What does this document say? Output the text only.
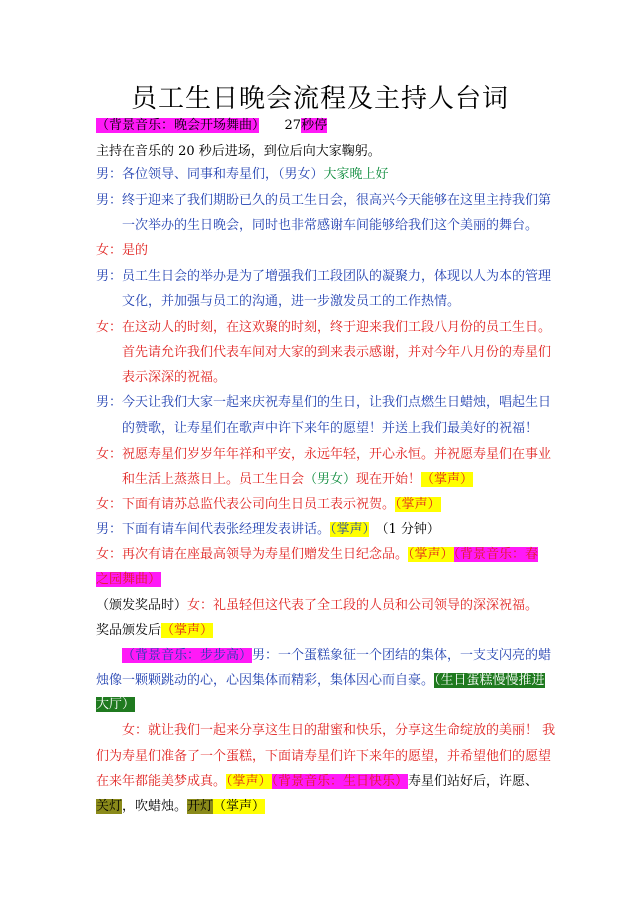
员工生日晚会流程及主持人台词
（背景音乐：晚会开场舞曲）　　 27秒停
主持在音乐的 20 秒后进场，到位后向大家鞠躬。
男：各位领导、同事和寿星们，（男女）大家晚上好
男：终于迎来了我们期盼已久的员工生日会，很高兴今天能够在这里主持我们第
　　一次举办的生日晚会，同时也非常感谢车间能够给我们这个美丽的舞台。
女：是的
男：员工生日会的举办是为了增强我们工段团队的凝聚力，体现以人为本的管理
　　文化，并加强与员工的沟通，进一步激发员工的工作热情。
女：在这动人的时刻，在这欢聚的时刻，终于迎来我们工段八月份的员工生日。
　　首先请允许我们代表车间对大家的到来表示感谢，并对今年八月份的寿星们
　　表示深深的祝福。
男：今天让我们大家一起来庆祝寿星们的生日，让我们点燃生日蜡烛，唱起生日
　　的赞歌，让寿星们在歌声中许下来年的愿望！并送上我们最美好的祝福！
女：祝愿寿星们岁岁年年祥和平安，永远年轻，开心永恒。并祝愿寿星们在事业
　　和生活上蒸蒸日上。员工生日会（男女）现在开始！（掌声）
女：下面有请苏总监代表公司向生日员工表示祝贺。（掌声）
男：下面有请车间代表张经理发表讲话。（掌声）　（1 分钟）
女：再次有请在座最高领导为寿星们赠发生日纪念品。（掌声）（背景音乐：春
之园舞曲）
（颁发奖品时）女：礼虽轻但这代表了全工段的人员和公司领导的深深祝福。
奖品颁发后（掌声）
（背景音乐：步步高）男：一个蛋糕象征一个团结的集体，一支支闪亮的蜡
烛像一颗颗跳动的心，心因集体而精彩，集体因心而自豪。（生日蛋糕慢慢推进
大厅）
　　女：就让我们一起来分享这生日的甜蜜和快乐，分享这生命绽放的美丽！ 我
们为寿星们准备了一个蛋糕，下面请寿星们许下来年的愿望，并希望他们的愿望
在来年都能美梦成真。（掌声）（背景音乐：生日快乐）寿星们站好后，许愿、
关灯，吹蜡烛。开灯（掌声）
